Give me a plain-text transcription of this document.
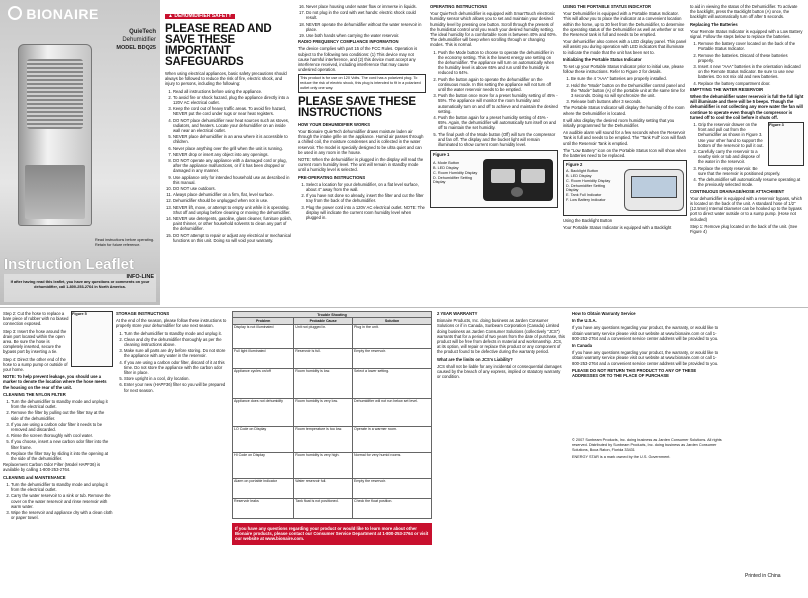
BIONAIRE
QuieTech
Dehumidifier
MODEL BDQ25
Read instructions before operating. Retain for future reference.
Instruction Leaflet
INFO-LINE
If after having read this leaflet, you have any questions or comments on your dehumidifier, call 1-800-253-2764 in North America.
▲ DEHUMIDIFIER SAFETY
PLEASE READ AND SAVE THESE IMPORTANT SAFEGUARDS

When using electrical appliances, basic safety precautions should always be followed to reduce the risk of fire, electric shock, and injury to persons, including the following:

1. Read all instructions before using the appliance.
2. To avoid fire or shock hazard, plug the appliance directly into a 120V AC electrical outlet.
3. Keep the cord out of heavy traffic areas. To avoid fire hazard, NEVER put the cord under rugs or near heat registers.
4. DO NOT place dehumidifier near heat sources such as stoves, radiators, and heaters. Locate your dehumidifier on an inside wall near an electrical outlet.
5. NEVER place dehumidifier in an area where it is accessible to children.
6. Never place anything over the grill when the unit is running.
7. NEVER drop or insert any object into any openings.
8. DO NOT operate any appliance with a damaged cord or plug, after the appliance malfunctions, or if it has been dropped or damaged in any manner.
9. Use appliance only for intended household use as described in this manual.
10. DO NOT use outdoors.
11. Always place dehumidifier on a firm, flat, level surface.
12. Dehumidifier should be unplugged when not in use.
13. NEVER lift, move, or attempt to empty unit while it is operating. Shut off and unplug before cleaning or moving the dehumidifier.
14. NEVER use detergents, gasoline, glass cleaner, furniture polish, paint thinner, or other household solvents to clean any part of the dehumidifier.
15. DO NOT attempt to repair or adjust any electrical or mechanical functions on this unit. Doing so will void your warranty.
16. Never place housing under water flow or immerse in liquids.
17. Do not plug in the cord with wet hands: electric shock could result.
18. NEVER operate the dehumidifier without the water reservoir in place.
19. Use both hands when carrying the water reservoir.

RADIO FREQUENCY COMPLIANCE INFORMATION

The device complies with part 15 of the FCC Rules. Operation is subject to the following two conditions: (1) This device may not cause harmful interference, and (2) this device must accept any interference received, including interference that may cause undesired operation.

This product is for use on 120 Volts. The cord has a polarized plug. To reduce the risk of electric shock, this plug is intended to fit in a polarized outlet only one way.
PLEASE SAVE THESE INSTRUCTIONS

HOW YOUR DEHUMIDIFIER WORKS

Your Bionaire QuieTech dehumidifier draws moisture laden air through the intake grille on the appliance. Humid air passes through a chilled coil, the moisture condenses and is collected in the water reservoir. The model is specially designed to be ultra quiet and can be used in any room in the house.

NOTE: When the dehumidifier is plugged in the display will read the current room humidity level. The unit will remain in standby mode until a humidity level is selected.

PRE-OPERATING INSTRUCTIONS

1. Select a location for your dehumidifier, on a flat level surface, about 4" away from the wall.
2. If you have not done so already, insert the filter and cut the filter tray from the back of the dehumidifier.
3. Plug the power cord into a 120V AC electrical outlet. NOTE: The display will indicate the current room humidity level when plugged in.

OPERATING INSTRUCTIONS

Your QuieTech dehumidifier is equipped with SmartTouch electronic humidity sensor which allows you to set and maintain your desired humidity level by pressing one button. Scroll through the presets of the humidistat control until you reach your desired humidity setting. The ideal humidity for a comfortable room is between 40% and 60%. The dehumidifier will beep when scrolling through or changing modes. This is normal.

1. Push the Mode button to choose to operate the dehumidifier in the economy setting. This is the lowest energy use setting on the dehumidifier. The appliance will turn on automatically when the humidity level is above 65% and run until the humidity is reduced to 64%.
2. Push the button again to operate the dehumidifier on the continuous mode. In this setting the appliance will not turn off until the water reservoir needs to be emptied.
3. Push the button once more for a preset humidity setting of 45% - 55%. The appliance will monitor the room humidity and automatically turn on and off to achieve and maintain the desired setting.
4. Push the button again for a preset humidity setting of 45% - 65%. Again, the dehumidifier will automatically turn itself on and off to maintain the set humidity.
5. The final push of the Mode button (Off) will turn the compressor and fan off. The display and the bucket light will remain illuminated to show current room humidity level.
Figure 1
A. Mode Button
B. LED Display
C. Room Humidity Display
D. Dehumidifier Setting Display

USING THE PORTABLE STATUS INDICATOR

Your Dehumidifier is equipped with a Portable Status Indicator. This will allow you to place the indicator at a convenient location within the home, up to 30 feet from the Dehumidifier, to determine the operating status of the Dehumidifier as well as whether or not the Reservoir tank is full and needs to be emptied.

Your dehumidifier also comes with a LED display panel. This panel will assist you during operation with LED indicators that illuminate to indicate the mode that the unit has been set to.

Initializing the Portable Status Indicator

To set up your Portable Status Indicator prior to initial use, please follow these instructions. Refer to Figure 2 for details.

1. Be sure the 4 "AAA" batteries are properly installed.
2. Hold the "Mode" button on the Dehumidifier control panel and the "Mode" button (A) of the portable unit at the same time for 3 seconds. Doing so will synchronize the unit.
3. Release both buttons after 3 seconds.

The Portable Status Indicator will display the humidity of the room where the Dehumidifier is located.

It will also display the desired room humidity setting that you initially programmed for the Dehumidifier.

An audible alarm will sound for a few seconds when the Reservoir Tank is full and needs to be emptied. The "Tank Full" icon will flash until the Reservoir Tank is emptied.

The "Low Battery" icon on the Portable Status Icon will show when the batteries need to be replaced.

Figure 2
A. Backlight Button
B. LED Display
C. Room Humidity Display
D. Dehumidifier Setting Display
E. Tank Full Indicator
F. Low Battery Indicator

Using the Backlight Button

Your Portable Status Indicator is equipped with a Backlight

to aid in viewing the status of the Dehumidifier. To activate the backlight, press the Backlight button (A) once, the backlight will automatically turn off after 5 seconds.

Replacing The Batteries

Your Remote Status Indicator is equipped with a Low Battery signal. Follow the steps below to replace the batteries.

1. Remove the battery cover located on the back of the Portable Status Indicator.
2. Remove the batteries. Discard of these batteries properly.
3. Insert 4 new "AAA" batteries in the orientation indicated on the Remote Status Indicator. Be sure to use new batteries. Do not mix old and new batteries.
4. Replace the battery compartment door.

EMPTYING THE WATER RESERVOIR

When the dehumidifier water reservoir is full the full light will illuminate and there will be 5 beeps. Though the dehumidifier is not collecting any more water the fan will continue to operate even though the compressor is turned off to cool the coil before it shuts off.

Figure 3
1. Grip the reservoir drawer on the front and pull out from the Dehumidifier as shown in Figure 3. Use your other hand to support the bottom of the reservoir to pull it out.
2. Carefully carry the reservoir to a nearby sink or tub and dispose of the water in the reservoir.
3. Replace the empty reservoir. Be sure that the reservoir is positioned properly.
4. The dehumidifier will automatically resume operating at the previously selected mode.

CONTINUOUS DRAINAGE/HOSE ATTACHMENT

Your dehumidifier is equipped with a reservoir bypass, which is located on the back of the unit. A standard hose of 1/2" (12.5mm) Internal Diameter can be hooked up to the bypass port to direct water outside or to a sump pump. (Hose not included)

Step 1: Remove plug located on the back of the unit. (See Figure 4)

Figure 5

Step 2: Cut the hose to replace a bare piece of rubber with no biased connection exposed.

Step 3: Insert the hose around the drain port located within the open area. Be sure the hose is completely inserted, secure the bypass port by inserting a tie.

Step 4: Direct the other end of the hose to a sump pump or outside of your home.

NOTE: To help prevent leakage, you should use a marker to denote the location where the hose meets the housing on the rear of the unit.

CLEANING THE NYLON FILTER

1. Turn the dehumidifier to standby mode and unplug it from the electrical outlet.
2. Remove the filter by pulling out the filter tray at the side of the dehumidifier.
3. If you are using a carbon odor filter it needs to be removed and discarded.
4. Rinse the screen thoroughly with cool water.
5. If you choose, insert a new carbon odor filter into the filter frame.
6. Replace the filter tray by sliding it into the opening at the side of the dehumidifier.

Replacement Carbon Odor Filter (Model HAPF36) is available by calling 1-800-253-2764.

CLEANING and MAINTENANCE

1. Turn the dehumidifier to standby mode and unplug it from the electrical outlet.
2. Carry the water reservoir to a sink or tub. Remove the cover on the water reservoir and rinse reservoir with warm water.
3. Wipe the reservoir and appliance dry with a clean cloth or paper towel.

STORAGE INSTRUCTIONS

At the end of the season, please follow these instructions to properly store your dehumidifier for use next season.

1. Turn the dehumidifier to standby mode and unplug it.
2. Clean and dry the dehumidifier thoroughly as per the cleaning instructions above.
3. Make sure all parts are dry before storing. Do not store the appliance with any water in the reservoir.
4. If you are using a carbon odor filter, discard of it at this time. Do not store the appliance with the carbon odor filter in place.
5. Store upright in a cool, dry location.
6. Enter your new (HAPF36) filter so you will be prepared for next season.
Trouble Shooting		
Problem	Probable Cause	Solution
Display is not illuminated	Unit not plugged in.	Plug in the unit.
Full light illuminated	Reservoir is full.	Empty the reservoir.
Appliance cycles on/off	Room humidity is low.	Select a lower setting.
Appliance does not dehumidify	Room humidity is very low.	Dehumidifier will not run below set level.
LO Code on Display	Room temperature is too low.	Operate in a warmer room.
HI Code on Display	Room humidity is very high.	Normal for very humid rooms.
Alarm on portable indicator	Water reservoir full.	Empty the reservoir.
Reservoir leaks	Tank float is not positioned.	Check the float position.
If you have any questions regarding your product or would like to learn more about other Bionaire products, please contact our Consumer Service Department at 1-800-253-2764 or visit our website at www.bionaire.com.

2 YEAR WARRANTY

Bionaire Products, Inc. doing business as Jarden Consumer Solutions or if in Canada, Sunbeam Corporation (Canada) Limited doing business as Jarden Consumer Solutions (collectively "JCS") warrants that for a period of two years from the date of purchase, this product will be free from defects in material and workmanship. JCS, at its option, will repair or replace this product or any component of the product found to be defective during the warranty period.

What are the limits on JCS's Liability?

JCS shall not be liable for any incidental or consequential damages caused by the breach of any express, implied or statutory warranty or condition.

How to Obtain Warranty Service

In the U.S.A.

If you have any questions regarding your product, the warranty, or would like to obtain warranty service please visit our website at www.bionaire.com or call 1-800-253-2764 and a convenient service center address will be provided to you.

In Canada

If you have any questions regarding your product, the warranty, or would like to obtain warranty service please visit our website at www.bionaire.com or call 1-800-253-2764 and a convenient service center address will be provided to you.

PLEASE DO NOT RETURN THIS PRODUCT TO ANY OF THESE ADDRESSES OR TO THE PLACE OF PURCHASE

© 2007 Sunbeam Products, Inc. doing business as Jarden Consumer Solutions. All rights reserved. Distributed by Sunbeam Products, Inc. doing business as Jarden Consumer Solutions, Boca Raton, Florida 33431

ENERGY STAR is a mark owned by the U.S. Government.

Printed in China
